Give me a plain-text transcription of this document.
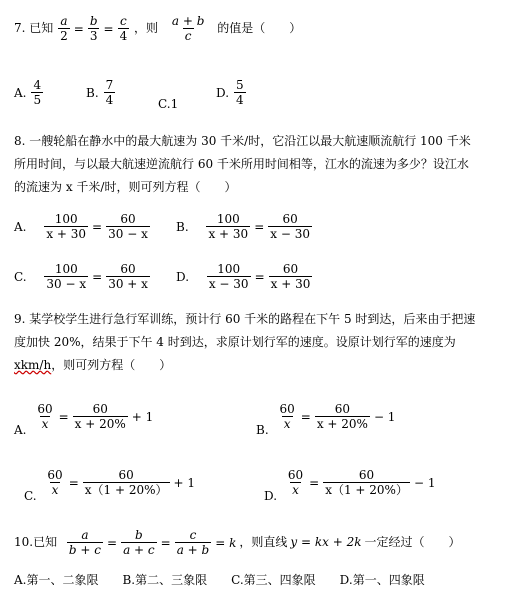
7. 已知 $\frac{a}{2} = \frac{b}{3} = \frac{c}{4}$ ，则 $\frac{a + b}{c}$ 的值是（　　）
A. $\frac{4}{5}$	B. $\frac{7}{4}$	C.1
D. $\frac{5}{4}$
8. 一艘轮船在静水中的最大航速为 30 千米/时，它沿江以最大航速顺流航行 100 千米
所用时间，与以最大航速逆流航行 60 千米所用时间相等，江水的流速为多少？设江水
的流速为 x 千米/时，则可列方程（　　）
A. $\frac{100}{x + 30} = \frac{60}{30 - x} B$. $\frac{100}{x + 30} = \frac{60}{x - 30}$
C. $\frac{100}{30 - x} = \frac{60}{30 + x} D$. $\frac{100}{x - 30} = \frac{60}{x + 30}$
9. 某学校学生进行急行军训练，预计行 60 千米的路程在下午 5 时到达，后来由于把速
度加快 20%，结果于下午 4 时到达，求原计划行军的速度。设原计划行军的速度为
xkm/h，则可列方程（　　）
A. $\frac{60}{x} = \frac{60}{x + 20\%} + 1$
B. $\frac{60}{x} = \frac{60}{x + 20\%} - 1$
C. $\frac{60}{x} = \frac{60}{x(1 + 20\%)} + 1$
D. $\frac{60}{x} = \frac{60}{x(1 + 20\%)} - 1$
10.已知 $\frac{a}{b + c} = \frac{b}{a + c} = \frac{c}{a + b} = k$ ，则直线 y = kx + 2k 一定经过（　　）
A.第一、二象限　　B.第二、三象限　　C.第三、四象限　　D.第一、四象限
